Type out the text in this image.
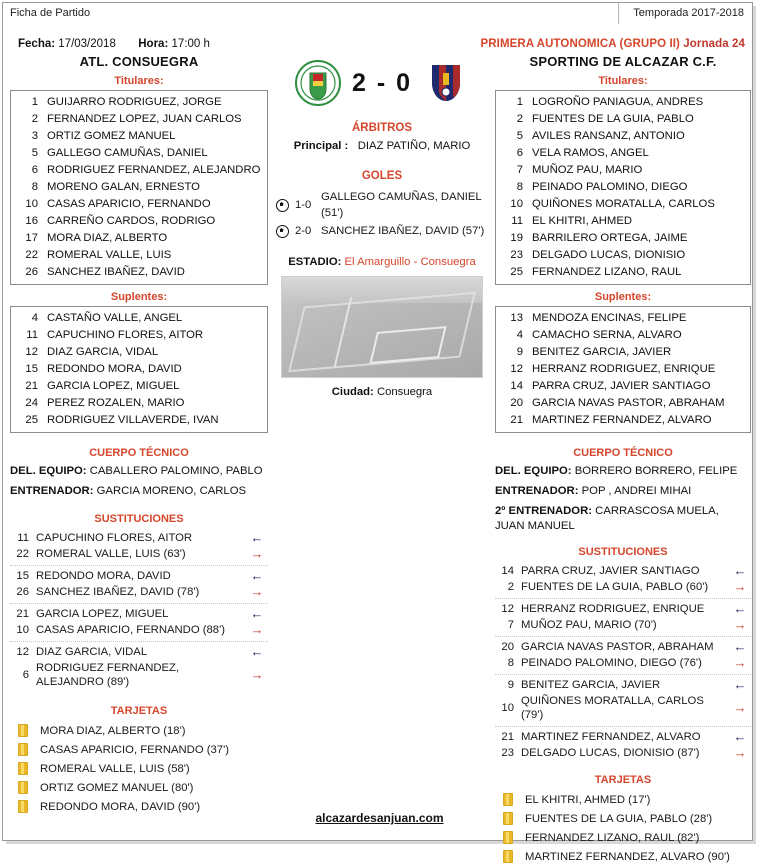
Ficha de Partido	Temporada 2017-2018
Fecha: 17/03/2018 Hora: 17:00 h	PRIMERA AUTONOMICA (GRUPO II) Jornada 24
ATL. CONSUEGRA
Titulares:
1 GUIJARRO RODRIGUEZ, JORGE
2 FERNANDEZ LOPEZ, JUAN CARLOS
3 ORTIZ GOMEZ MANUEL
5 GALLEGO CAMUÑAS, DANIEL
6 RODRIGUEZ FERNANDEZ, ALEJANDRO
8 MORENO GALAN, ERNESTO
10 CASAS APARICIO, FERNANDO
16 CARREÑO CARDOS, RODRIGO
17 MORA DIAZ, ALBERTO
22 ROMERAL VALLE, LUIS
26 SANCHEZ IBAÑEZ, DAVID
Suplentes:
4 CASTAÑO VALLE, ANGEL
11 CAPUCHINO FLORES, AITOR
12 DIAZ GARCIA, VIDAL
15 REDONDO MORA, DAVID
21 GARCIA LOPEZ, MIGUEL
24 PEREZ ROZALEN, MARIO
25 RODRIGUEZ VILLAVERDE, IVAN
CUERPO TÉCNICO
DEL. EQUIPO: CABALLERO PALOMINO, PABLO
ENTRENADOR: GARCIA MORENO, CARLOS
SUSTITUCIONES
11 CAPUCHINO FLORES, AITOR	←
22 ROMERAL VALLE, LUIS (63')	→
15 REDONDO MORA, DAVID	←
26 SANCHEZ IBAÑEZ, DAVID (78')	→
21 GARCIA LOPEZ, MIGUEL	←
10 CASAS APARICIO, FERNANDO (88')	→
12 DIAZ GARCIA, VIDAL	←
6
RODRIGUEZ FERNANDEZ, ALEJANDRO (89')	→
TARJETAS
MORA DIAZ, ALBERTO (18')
CASAS APARICIO, FERNANDO (37')
ROMERAL VALLE, LUIS (58')
ORTIZ GOMEZ MANUEL (80')
REDONDO MORA, DAVID (90')
2 - 0
ÁRBITROS
Principal : DIAZ PATIÑO, MARIO
GOLES
1-0
GALLEGO CAMUÑAS, DANIEL (51')
2-0 SANCHEZ IBAÑEZ, DAVID (57')
ESTADIO: El Amarguillo - Consuegra
Ciudad: Consuegra
SPORTING DE ALCAZAR C.F.
Titulares:
1 LOGROÑO PANIAGUA, ANDRES
2 FUENTES DE LA GUIA, PABLO
5 AVILES RANSANZ, ANTONIO
6 VELA RAMOS, ANGEL
7 MUÑOZ PAU, MARIO
8 PEINADO PALOMINO, DIEGO
10 QUIÑONES MORATALLA, CARLOS
11 EL KHITRI, AHMED
19 BARRILERO ORTEGA, JAIME
23 DELGADO LUCAS, DIONISIO
25 FERNANDEZ LIZANO, RAUL
Suplentes:
13 MENDOZA ENCINAS, FELIPE
4 CAMACHO SERNA, ALVARO
9 BENITEZ GARCIA, JAVIER
12 HERRANZ RODRIGUEZ, ENRIQUE
14 PARRA CRUZ, JAVIER SANTIAGO
20 GARCIA NAVAS PASTOR, ABRAHAM
21 MARTINEZ FERNANDEZ, ALVARO
CUERPO TÉCNICO
DEL. EQUIPO: BORRERO BORRERO, FELIPE
ENTRENADOR: POP , ANDREI MIHAI
2º ENTRENADOR: CARRASCOSA MUELA, JUAN MANUEL
SUSTITUCIONES
14 PARRA CRUZ, JAVIER SANTIAGO	←
2 FUENTES DE LA GUIA, PABLO (60')	→
12 HERRANZ RODRIGUEZ, ENRIQUE	←
7 MUÑOZ PAU, MARIO (70')	→
20 GARCIA NAVAS PASTOR, ABRAHAM	←
8 PEINADO PALOMINO, DIEGO (76')	→
9 BENITEZ GARCIA, JAVIER	←
10
QUIÑONES MORATALLA, CARLOS (79')	→
21 MARTINEZ FERNANDEZ, ALVARO	←
23 DELGADO LUCAS, DIONISIO (87')	→
TARJETAS
EL KHITRI, AHMED (17')
FUENTES DE LA GUIA, PABLO (28')
FERNANDEZ LIZANO, RAUL (82')
MARTINEZ FERNANDEZ, ALVARO (90')
alcazardesanjuan.com
